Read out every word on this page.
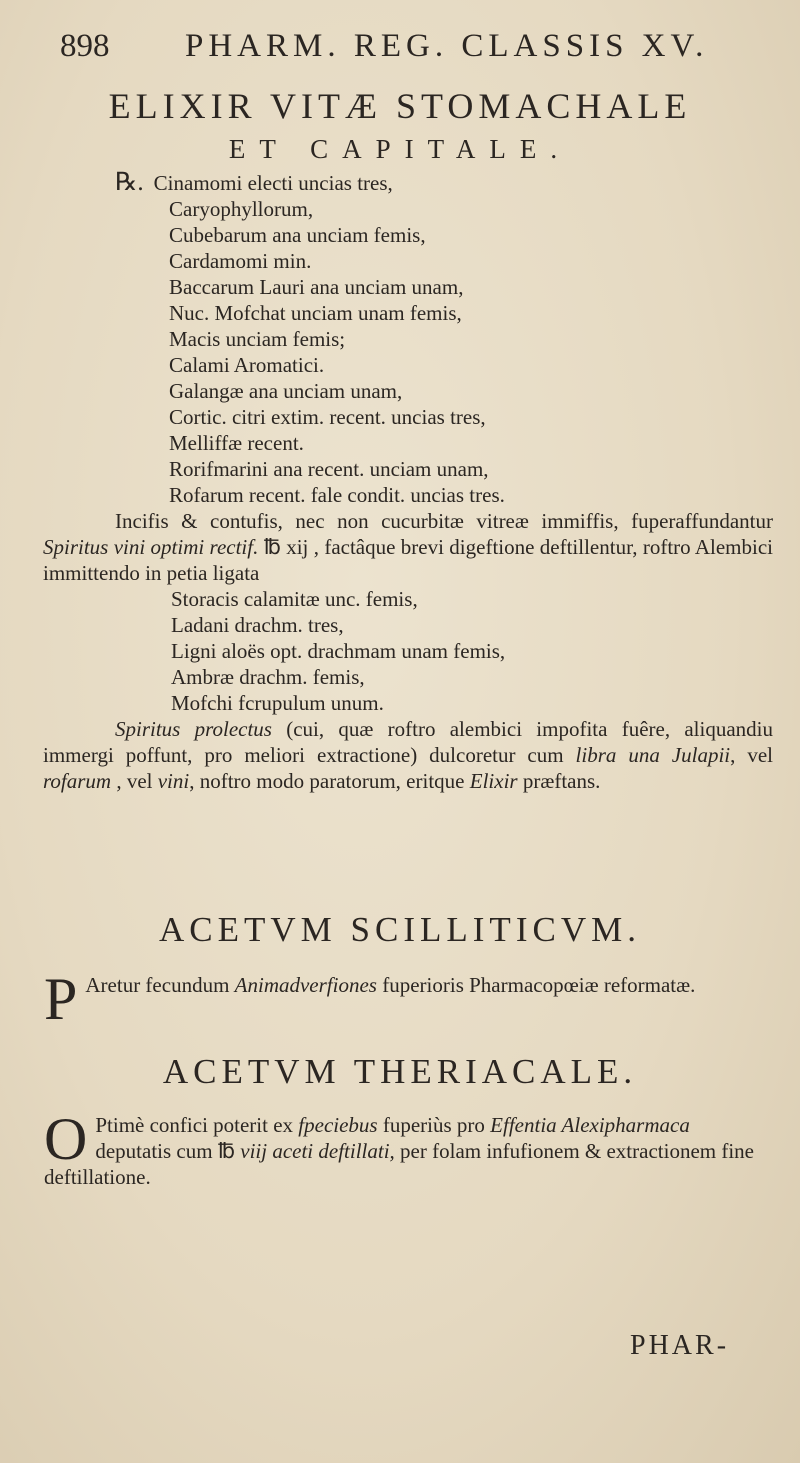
898 PHARM. REG. CLASSIS XV.
ELIXIR VITÆ STOMACHALE
ET CAPITALE.
℞. Cinamomi electi uncias tres,
Caryophyllorum,
Cubebarum ana unciam femis,
Cardamomi min.
Baccarum Lauri ana unciam unam,
Nuc. Mofchat unciam unam femis,
Macis unciam femis;
Calami Aromatici.
Galangæ ana unciam unam,
Cortic. citri extim. recent. uncias tres,
Melliffæ recent.
Rorifmarini ana recent. unciam unam,
Rofarum recent. fale condit. uncias tres.
Incifis & contufis, nec non cucurbitæ vitreæ immiffis, fuperaffundantur Spiritus vini optimi rectif. ℔ xij , factâque brevi digeftione deftillentur, roftro Alembici immittendo in petia ligata
Storacis calamitæ unc. femis,
Ladani drachm. tres,
Ligni aloës opt. drachmam unam femis,
Ambræ drachm. femis,
Mofchi fcrupulum unum.
Spiritus prolectus (cui, quæ roftro alembici impofita fuêre, aliquandiu immergi poffunt, pro meliori extractione) dulcoretur cum libra una Julapii, vel rofarum , vel vini, noftro modo paratorum, eritque Elixir præftans.
ACETVM SCILLITICVM.
P Aretur fecundum Animadverfiones fuperioris Pharmacopœiæ reformatæ.
ACETVM THERIACALE.
O Ptimè confici poterit ex fpeciebus fuperiùs pro Effentia Alexipharmaca deputatis cum ℔ viij aceti deftillati, per folam infufionem & extractionem fine deftillatione.
PHAR-
